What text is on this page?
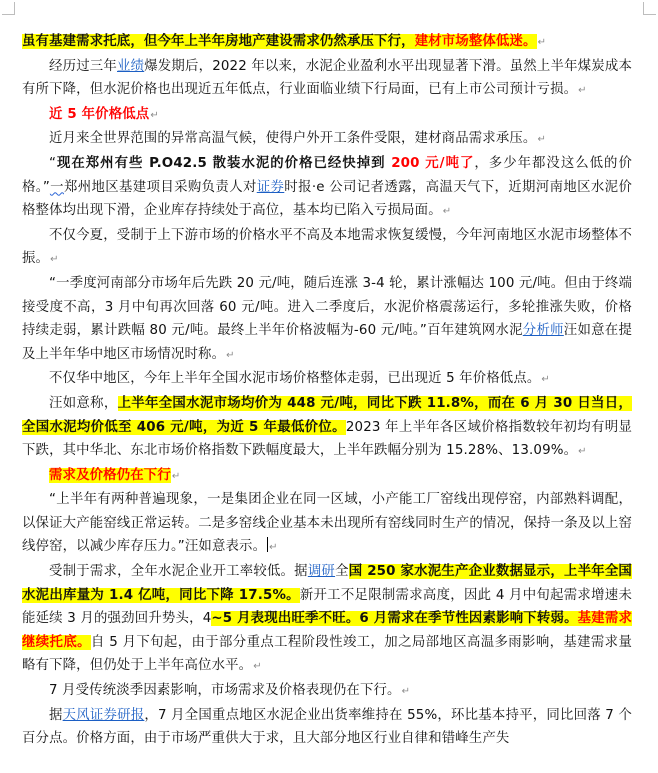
虽有基建需求托底，但今年上半年房地产建设需求仍然承压下行，建材市场整体低迷。↵

经历过三年业绩爆发期后，2022 年以来，水泥企业盈利水平出现显著下滑。虽然上半年煤炭成本有所下降，但水泥价格也出现近五年低点，行业面临业绩下行局面，已有上市公司预计亏损。↵

近 5 年价格低点↵

近月来全世界范围的异常高温气候，使得户外开工条件受限，建材商品需求承压。↵

“现在郑州有些 P.O42.5 散装水泥的价格已经快掉到 200 元/吨了，多少年都没这么低的价格。”一郑州地区基建项目采购负责人对证券时报·e 公司记者透露，高温天气下，近期河南地区水泥价格整体均出现下滑，企业库存持续处于高位，基本均已陷入亏损局面。↵

不仅今夏，受制于上下游市场的价格水平不高及本地需求恢复缓慢，今年河南地区水泥市场整体不振。↵

“一季度河南部分市场年后先跌 20 元/吨，随后连涨 3-4 轮，累计涨幅达 100 元/吨。但由于终端接受度不高，3 月中旬再次回落 60 元/吨。进入二季度后，水泥价格震荡运行，多轮推涨失败，价格持续走弱，累计跌幅 80 元/吨。最终上半年价格波幅为-60 元/吨。”百年建筑网水泥分析师汪如意在提及上半年华中地区市场情况时称。↵

不仅华中地区，今年上半年全国水泥市场价格整体走弱，已出现近 5 年价格低点。↵

汪如意称，上半年全国水泥市场均价为 448 元/吨，同比下跌 11.8%，而在 6 月 30 日当日，全国水泥均价低至 406 元/吨，为近 5 年最低价位。2023 年上半年各区域价格指数较年初均有明显下跌，其中华北、东北市场价格指数下跌幅度最大，上半年跌幅分别为 15.28%、13.09%。↵

需求及价格仍在下行↵

“上半年有两种普遍现象，一是集团企业在同一区域，小产能工厂窑线出现停窑，内部熟料调配，以保证大产能窑线正常运转。二是多窑线企业基本未出现所有窑线同时生产的情况，保持一条及以上窑线停窑，以减少库存压力。”汪如意表示。 ↵

受制于需求，全年水泥企业开工率较低。据调研全国 250 家水泥生产企业数据显示，上半年全国水泥出库量为 1.4 亿吨，同比下降 17.5%。新开工不足限制需求高度，因此 4 月中旬起需求增速未能延续 3 月的强劲回升势头，4~5 月表现出旺季不旺。6 月需求在季节性因素影响下转弱。基建需求继续托底。自 5 月下旬起，由于部分重点工程阶段性竣工，加之局部地区高温多雨影响，基建需求量略有下降，但仍处于上半年高位水平。↵

7 月受传统淡季因素影响，市场需求及价格表现仍在下行。↵

据天风证券研报，7 月全国重点地区水泥企业出货率维持在 55%，环比基本持平，同比回落 7 个百分点。价格方面，由于市场严重供大于求，且大部分地区行业自律和错峰生产失
